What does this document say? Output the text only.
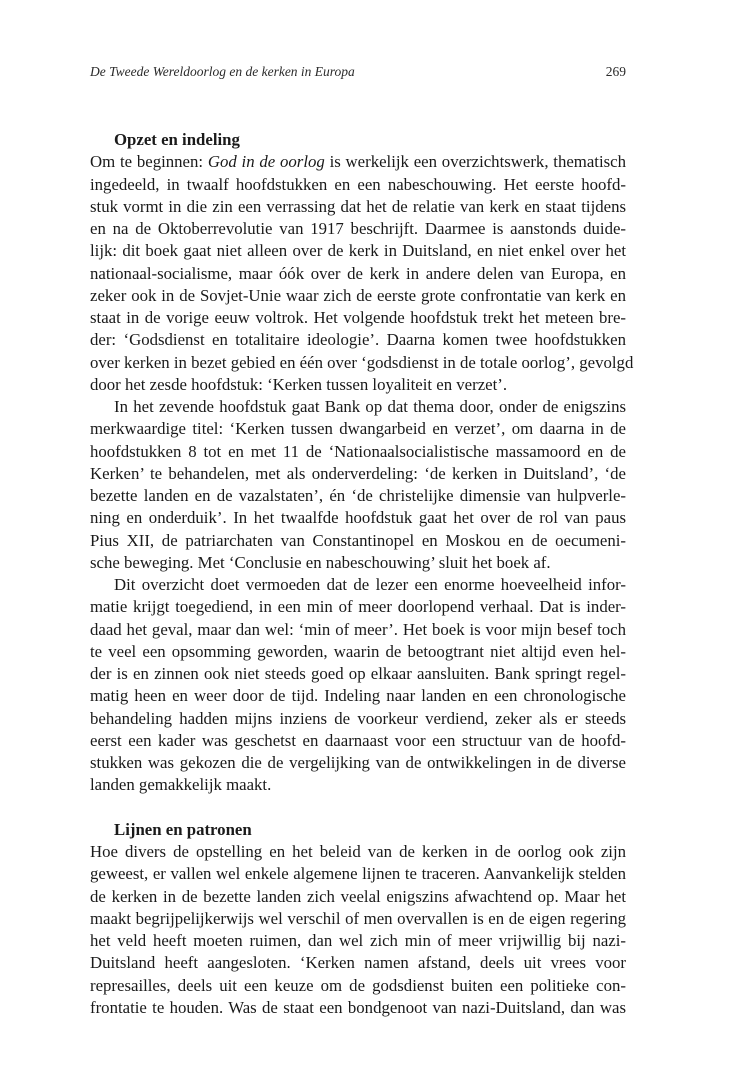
De Tweede Wereldoorlog en de kerken in Europa	269
Opzet en indeling
Om te beginnen: God in de oorlog is werkelijk een overzichtswerk, thematisch
ingedeeld, in twaalf hoofdstukken en een nabeschouwing. Het eerste hoofd-
stuk vormt in die zin een verrassing dat het de relatie van kerk en staat tijdens
en na de Oktoberrevolutie van 1917 beschrijft. Daarmee is aanstonds duide-
lijk: dit boek gaat niet alleen over de kerk in Duitsland, en niet enkel over het
nationaal-socialisme, maar óók over de kerk in andere delen van Europa, en
zeker ook in de Sovjet-Unie waar zich de eerste grote confrontatie van kerk en
staat in de vorige eeuw voltrok. Het volgende hoofdstuk trekt het meteen bre-
der: ‘Godsdienst en totalitaire ideologie’. Daarna komen twee hoofdstukken
over kerken in bezet gebied en één over ‘godsdienst in de totale oorlog’, gevolgd
door het zesde hoofdstuk: ‘Kerken tussen loyaliteit en verzet’.
In het zevende hoofdstuk gaat Bank op dat thema door, onder de enigszins
merkwaardige titel: ‘Kerken tussen dwangarbeid en verzet’, om daarna in de
hoofdstukken 8 tot en met 11 de ‘Nationaalsocialistische massamoord en de
Kerken’ te behandelen, met als onderverdeling: ‘de kerken in Duitsland’, ‘de
bezette landen en de vazalstaten’, én ‘de christelijke dimensie van hulpverle-
ning en onderduik’. In het twaalfde hoofdstuk gaat het over de rol van paus
Pius XII, de patriarchaten van Constantinopel en Moskou en de oecumeni-
sche beweging. Met ‘Conclusie en nabeschouwing’ sluit het boek af.
Dit overzicht doet vermoeden dat de lezer een enorme hoeveelheid infor-
matie krijgt toegediend, in een min of meer doorlopend verhaal. Dat is inder-
daad het geval, maar dan wel: ‘min of meer’. Het boek is voor mijn besef toch
te veel een opsomming geworden, waarin de betoogtrant niet altijd even hel-
der is en zinnen ook niet steeds goed op elkaar aansluiten. Bank springt regel-
matig heen en weer door de tijd. Indeling naar landen en een chronologische
behandeling hadden mijns inziens de voorkeur verdiend, zeker als er steeds
eerst een kader was geschetst en daarnaast voor een structuur van de hoofd-
stukken was gekozen die de vergelijking van de ontwikkelingen in de diverse
landen gemakkelijk maakt.
Lijnen en patronen
Hoe divers de opstelling en het beleid van de kerken in de oorlog ook zijn
geweest, er vallen wel enkele algemene lijnen te traceren. Aanvankelijk stelden
de kerken in de bezette landen zich veelal enigszins afwachtend op. Maar het
maakt begrijpelijkerwijs wel verschil of men overvallen is en de eigen regering
het veld heeft moeten ruimen, dan wel zich min of meer vrijwillig bij nazi-
Duitsland heeft aangesloten. ‘Kerken namen afstand, deels uit vrees voor
represailles, deels uit een keuze om de godsdienst buiten een politieke con-
frontatie te houden. Was de staat een bondgenoot van nazi-Duitsland, dan was
